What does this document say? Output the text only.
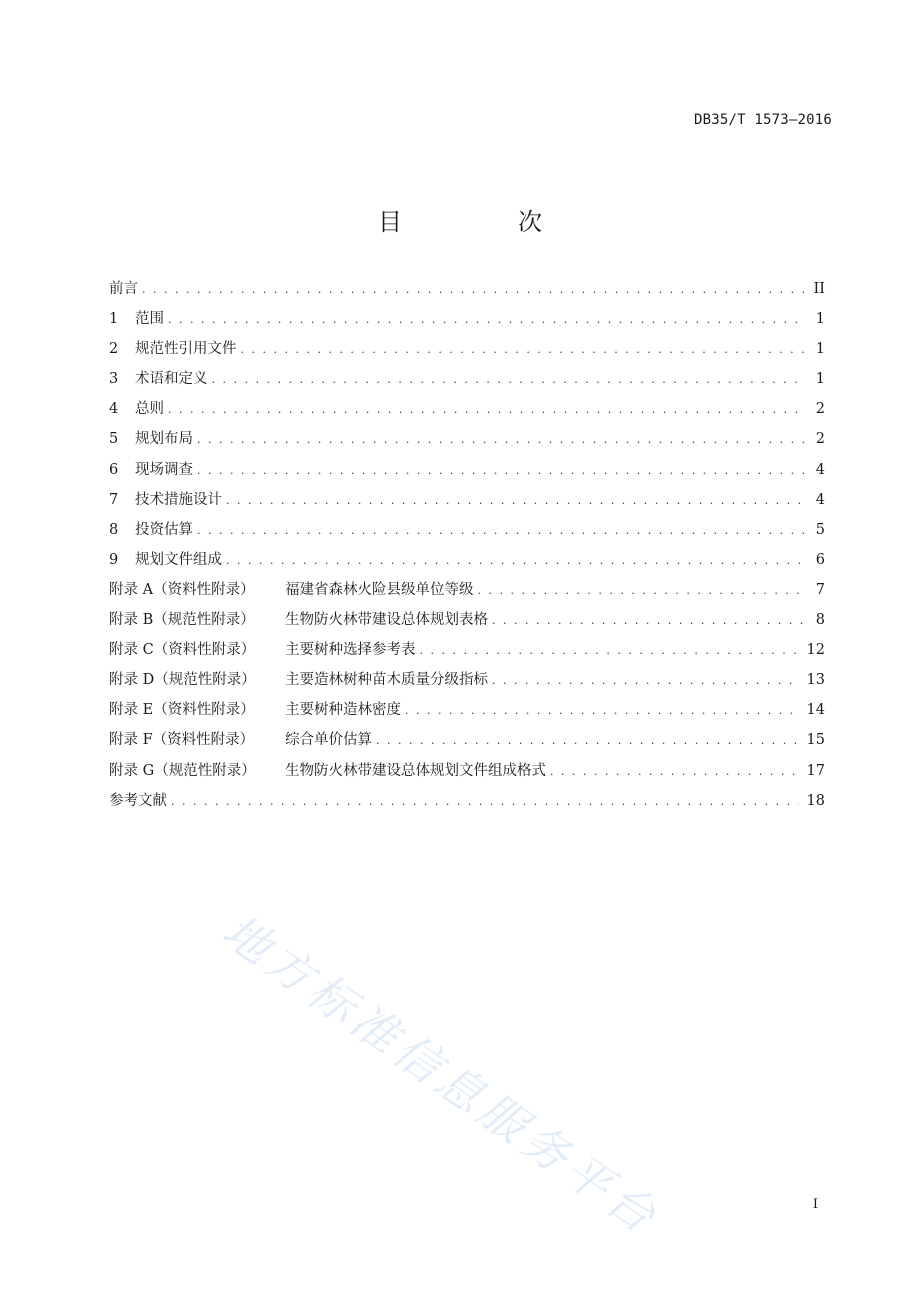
DB35/T 1573—2016
目　次
前言 . . .	II
1	范围 . . .	1
2	规范性引用文件 . . .	1
3	术语和定义 . . .	1
4	总则 . . .	2
5	规划布局 . . .	2
6	现场调查 . . .	4
7	技术措施设计 . . .	4
8	投资估算 . . .	5
9	规划文件组成 . . .	6
附录 A（资料性附录）	福建省森林火险县级单位等级 . . .	7
附录 B（规范性附录）	生物防火林带建设总体规划表格 . . .	8
附录 C（资料性附录）	主要树种选择参考表 . . .	12
附录 D（规范性附录）	主要造林树种苗木质量分级指标 . . .	13
附录 E（资料性附录）	主要树种造林密度 . . .	14
附录 F（资料性附录）	综合单价估算 . . .	15
附录 G（规范性附录）	生物防火林带建设总体规划文件组成格式 . . .	17
参考文献 . . .	18
地方标准信息服务平台	I
